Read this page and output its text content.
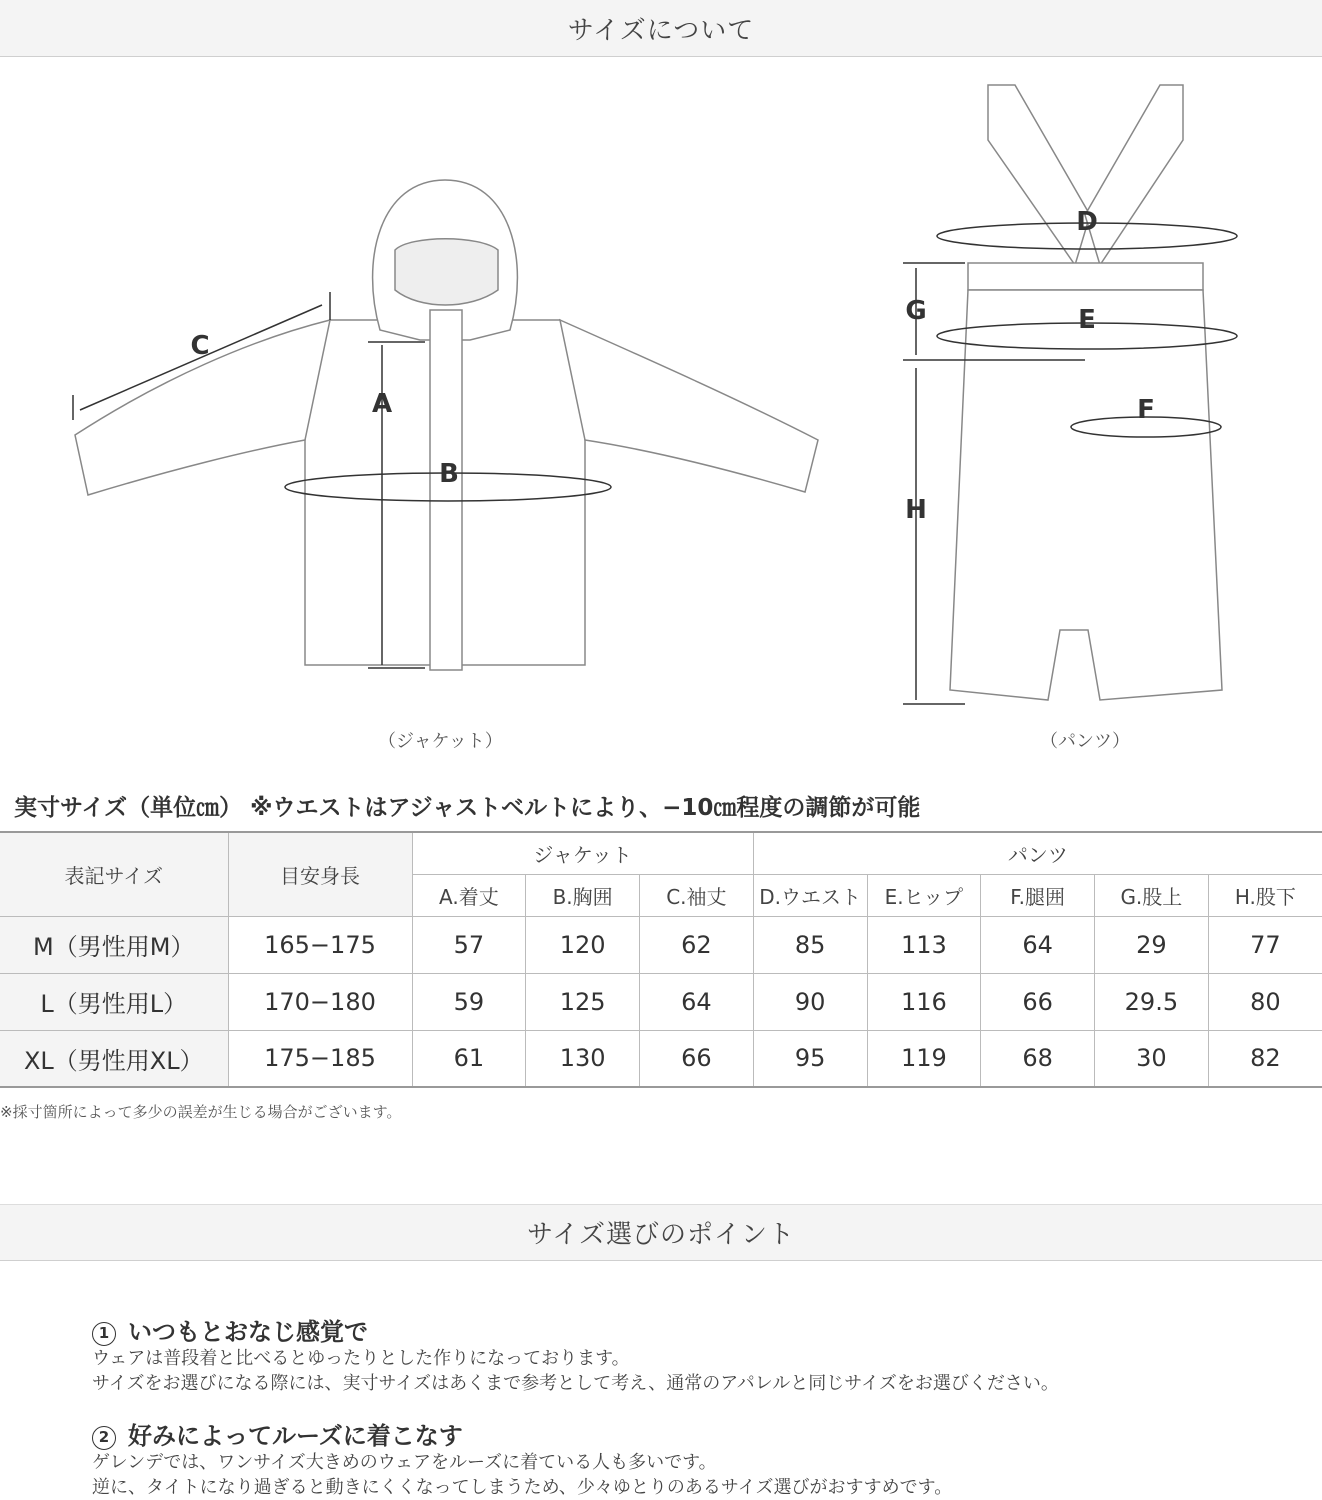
サイズについて
A
B
C
D
E
F
G
H
（ジャケット）	（パンツ）
実寸サイズ（単位㎝） ※ウエストはアジャストベルトにより、−10㎝程度の調節が可能
表記サイズ	目安身長	ジャケット			パンツ				
		A.着丈	B.胸囲	C.袖丈	D.ウエスト	E.ヒップ	F.腿囲	G.股上	H.股下
M（男性用M）	165−175	57	120	62	85	113	64	29	77
L（男性用L）	170−180	59	125	64	90	116	66	29.5	80
XL（男性用XL）	175−185	61	130	66	95	119	68	30	82
※採寸箇所によって多少の誤差が生じる場合がございます。
サイズ選びのポイント
1 いつもとおなじ感覚で

ウェアは普段着と比べるとゆったりとした作りになっております。

サイズをお選びになる際には、実寸サイズはあくまで参考として考え、通常のアパレルと同じサイズをお選びください。

2 好みによってルーズに着こなす

ゲレンデでは、ワンサイズ大きめのウェアをルーズに着ている人も多いです。

逆に、タイトになり過ぎると動きにくくなってしまうため、少々ゆとりのあるサイズ選びがおすすめです。
